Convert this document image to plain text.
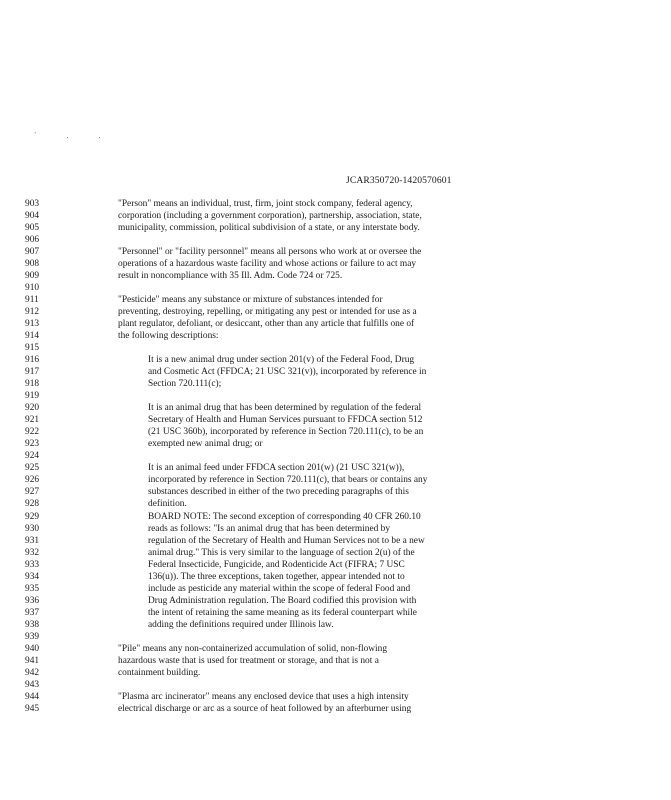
` . .
JCAR350720-1420570601
903	"Person" means an individual, trust, firm, joint stock company, federal agency,
904	corporation (including a government corporation), partnership, association, state,
905	municipality, commission, political subdivision of a state, or any interstate body.
906
907	"Personnel" or "facility personnel" means all persons who work at or oversee the
908	operations of a hazardous waste facility and whose actions or failure to act may
909	result in noncompliance with 35 Ill. Adm. Code 724 or 725.
910
911	"Pesticide" means any substance or mixture of substances intended for
912	preventing, destroying, repelling, or mitigating any pest or intended for use as a
913	plant regulator, defoliant, or desiccant, other than any article that fulfills one of
914	the following descriptions:
915
916	It is a new animal drug under section 201(v) of the Federal Food, Drug
917	and Cosmetic Act (FFDCA; 21 USC 321(v)), incorporated by reference in
918	Section 720.111(c);
919
920	It is an animal drug that has been determined by regulation of the federal
921	Secretary of Health and Human Services pursuant to FFDCA section 512
922	(21 USC 360b), incorporated by reference in Section 720.111(c), to be an
923	exempted new animal drug; or
924
925	It is an animal feed under FFDCA section 201(w) (21 USC 321(w)),
926	incorporated by reference in Section 720.111(c), that bears or contains any
927	substances described in either of the two preceding paragraphs of this
928	definition.
929	BOARD NOTE: The second exception of corresponding 40 CFR 260.10
930	reads as follows: "Is an animal drug that has been determined by
931	regulation of the Secretary of Health and Human Services not to be a new
932	animal drug." This is very similar to the language of section 2(u) of the
933	Federal Insecticide, Fungicide, and Rodenticide Act (FIFRA; 7 USC
934	136(u)). The three exceptions, taken together, appear intended not to
935	include as pesticide any material within the scope of federal Food and
936	Drug Administration regulation. The Board codified this provision with
937	the intent of retaining the same meaning as its federal counterpart while
938	adding the definitions required under Illinois law.
939
940	"Pile" means any non-containerized accumulation of solid, non-flowing
941	hazardous waste that is used for treatment or storage, and that is not a
942	containment building.
943
944	"Plasma arc incinerator" means any enclosed device that uses a high intensity
945	electrical discharge or arc as a source of heat followed by an afterburner using
